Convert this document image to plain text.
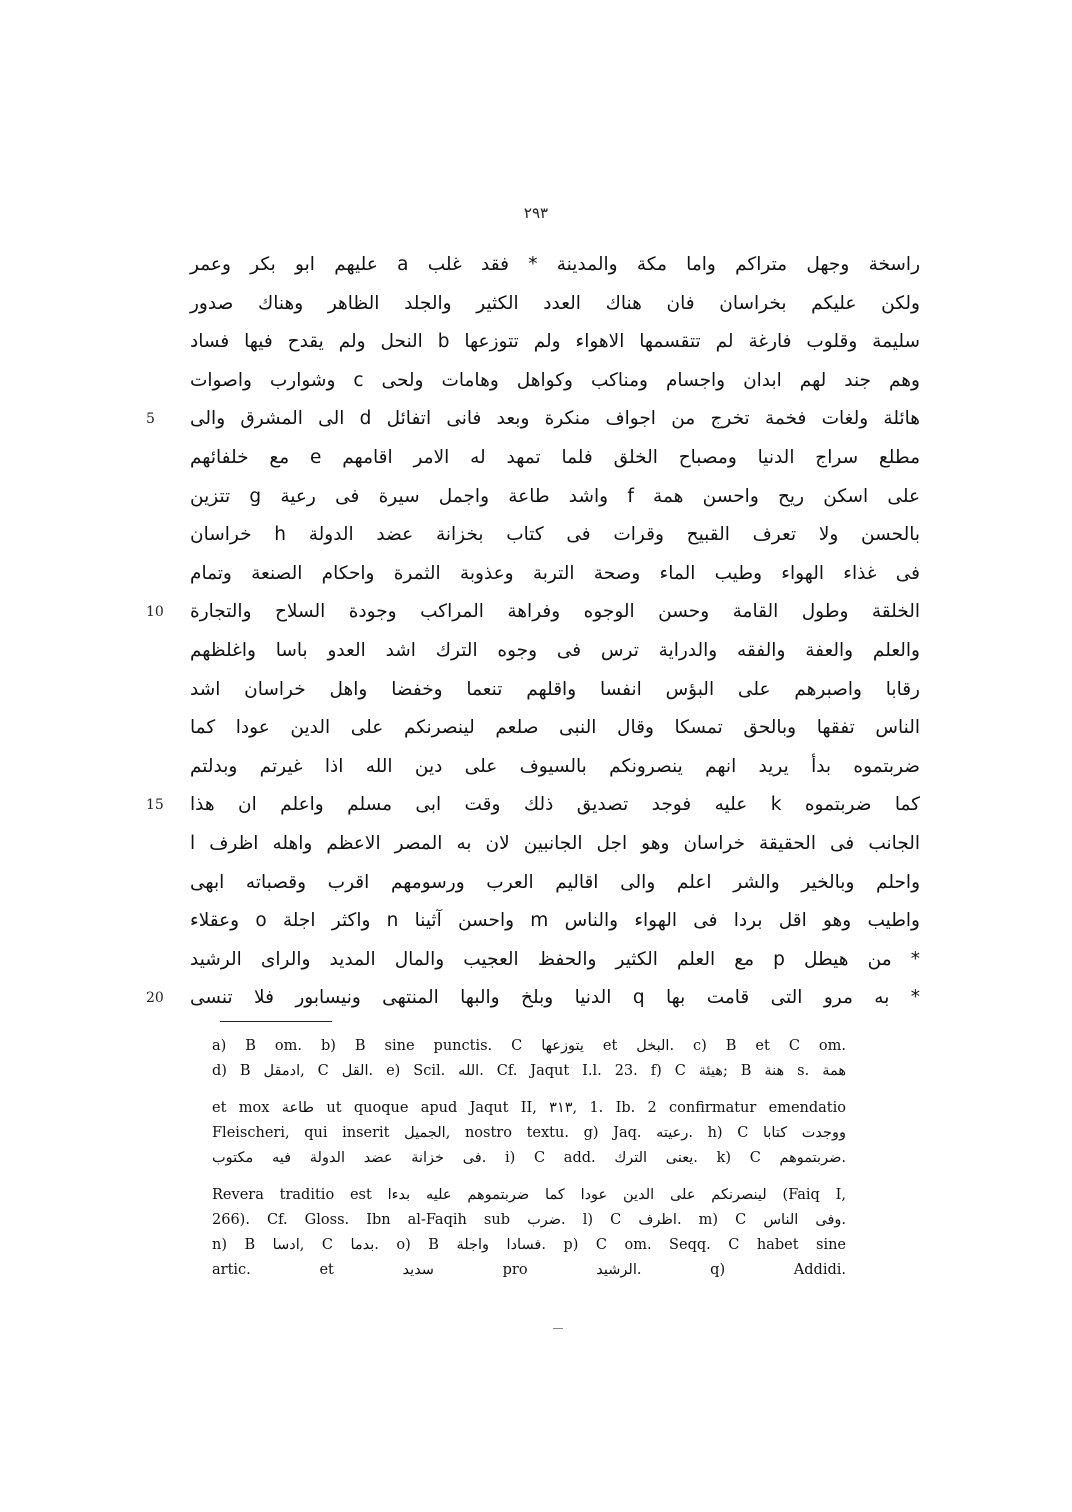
٢٩٣
راسخة وجهل متراكم واما مكة والمدينة * فقد غلب a عليهم ابو بكر وعمر
ولكن عليكم بخراسان فان هناك العدد الكثير والجلد الظاهر وهناك صدور
سليمة وقلوب فارغة لم تتقسمها الاهواء ولم تتوزعها b النحل ولم يقدح فيها فساد
وهم جند لهم ابدان واجسام ومناكب وكواهل وهامات ولحى c وشوارب واصوات
هائلة ولغات فخمة تخرج من اجواف منكرة وبعد فانى اتفائل d الى المشرق والى
5
مطلع سراج الدنيا ومصباح الخلق فلما تمهد له الامر اقامهم e مع خلفائهم
على اسكن ريح واحسن همة f واشد طاعة واجمل سيرة فى رعية g تتزين
بالحسن ولا تعرف القبيح وقرات فى كتاب بخزانة عضد الدولة h خراسان
فى غذاء الهواء وطيب الماء وصحة التربة وعذوبة الثمرة واحكام الصنعة وتمام
الخلقة وطول القامة وحسن الوجوه وفراهة المراكب وجودة السلاح والتجارة
10
والعلم والعفة والفقه والدراية ترس فى وجوه الترك اشد العدو باسا واغلظهم
رقابا واصبرهم على البؤس انفسا واقلهم تنعما وخفضا واهل خراسان اشد
الناس تفقها وبالحق تمسكا وقال النبى صلعم لينصرنكم على الدين عودا كما
ضربتموه بدأ يريد انهم ينصرونكم بالسيوف على دين الله اذا غيرتم وبدلتم
كما ضربتموه k عليه فوجد تصديق ذلك وقت ابى مسلم واعلم ان هذا
15
الجانب فى الحقيقة خراسان وهو اجل الجانبين لان به المصر الاعظم واهله اظرف l
واحلم وبالخير والشر اعلم والى اقاليم العرب ورسومهم اقرب وقصباته ابهى
واطيب وهو اقل بردا فى الهواء والناس m واحسن آثينا n واكثر اجلة o وعقلاء
* من هيطل p مع العلم الكثير والحفظ العجيب والمال المديد والراى الرشيد
* به مرو التى قامت بها q الدنيا وبلخ والبها المنتهى ونيسابور فلا تنسى
20
a) B om. b) B sine punctis. C يتوزعها et البخل. c) B et C om.
d) B ادمقل, C القل. e) Scil. الله. Cf. Jaqut I.l. 23. f) C هيئة; B هنة s. همة
et mox طاعة ut quoque apud Jaqut II, ٣١٣, 1. Ib. 2 confirmatur emendatio
Fleischeri, qui inserit الجميل, nostro textu. g) Jaq. رعيته. h) C ووجدت كتابا
فى خزانة عضد الدولة فيه مكتوب. i) C add. يعنى الترك. k) C ضربتموهم.
Revera traditio est لينصرنكم على الدين عودا كما ضربتموهم عليه بدءا (Faiq I,
266). Cf. Gloss. Ibn al-Faqih sub ضرب. l) C اظرف. m) C وفى الناس.
n) B ادسا, C بدما. o) B فسادا واجلة. p) C om. Seqq. C habet sine
artic. et سديد pro الرشيد. q) Addidi.
